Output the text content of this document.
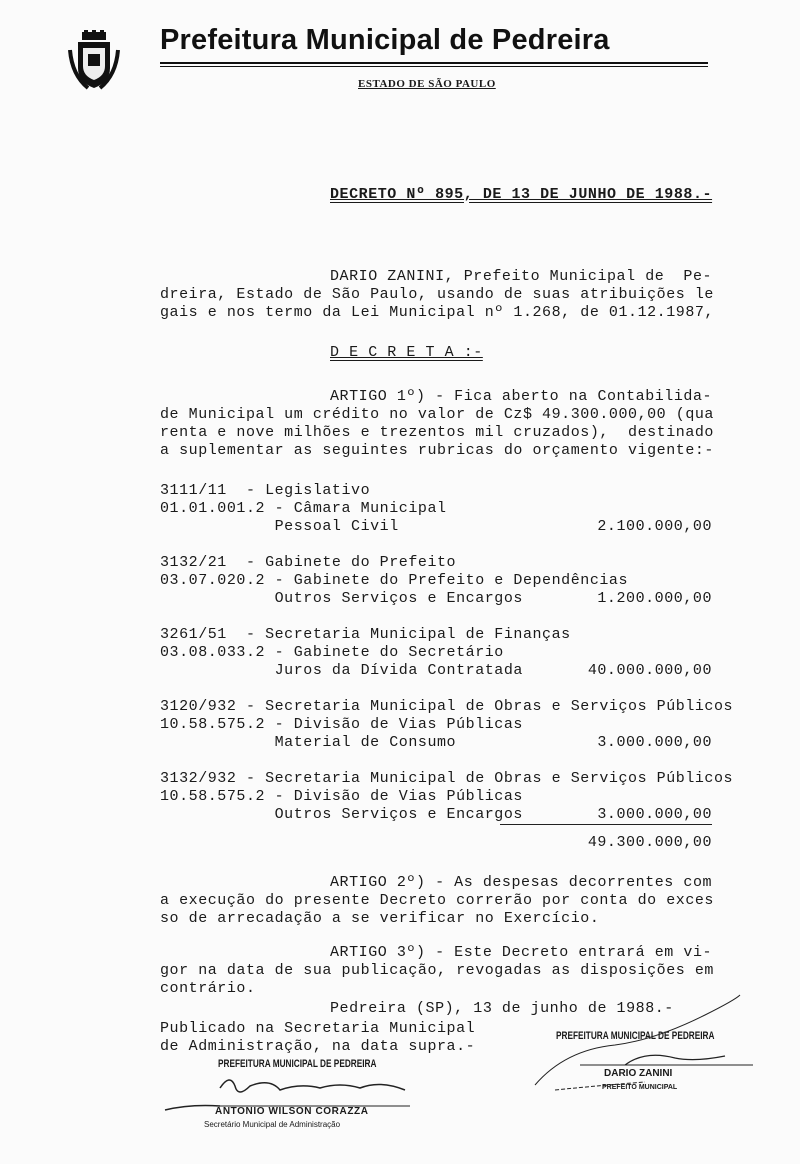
Prefeitura Municipal de Pedreira
ESTADO DE SÃO PAULO
DECRETO Nº 895, DE 13 DE JUNHO DE 1988.-
DARIO ZANINI, Prefeito Municipal de  Pe-
dreira, Estado de São Paulo, usando de suas atribuições le
gais e nos termo da Lei Municipal nº 1.268, de 01.12.1987,
D E C R E T A :-
ARTIGO 1º) - Fica aberto na Contabilida-
de Municipal um crédito no valor de Cz$ 49.300.000,00 (qua
renta e nove milhões e trezentos mil cruzados),  destinado
a suplementar as seguintes rubricas do orçamento vigente:-
3111/11  - Legislativo
01.01.001.2 - Câmara Municipal
Pessoal Civil	2.100.000,00
3132/21  - Gabinete do Prefeito
03.07.020.2 - Gabinete do Prefeito e Dependências
Outros Serviços e Encargos	1.200.000,00
3261/51  - Secretaria Municipal de Finanças
03.08.033.2 - Gabinete do Secretário
Juros da Dívida Contratada	40.000.000,00
3120/932 - Secretaria Municipal de Obras e Serviços Públicos
10.58.575.2 - Divisão de Vias Públicas
Material de Consumo	3.000.000,00
3132/932 - Secretaria Municipal de Obras e Serviços Públicos
10.58.575.2 - Divisão de Vias Públicas
Outros Serviços e Encargos	3.000.000,00
49.300.000,00
ARTIGO 2º) - As despesas decorrentes com
a execução do presente Decreto correrão por conta do exces
so de arrecadação a se verificar no Exercício.
ARTIGO 3º) - Este Decreto entrará em vi-
gor na data de sua publicação, revogadas as disposições em
contrário.
Pedreira (SP), 13 de junho de 1988.-
Publicado na Secretaria Municipal
de Administração, na data supra.-
PREFEITURA MUNICIPAL DE PEDREIRA
ANTONIO WILSON CORAZZA
Secretário Municipal de Administração
PREFEITURA MUNICIPAL DE PEDREIRA
DARIO ZANINI
PREFEITO MUNICIPAL
